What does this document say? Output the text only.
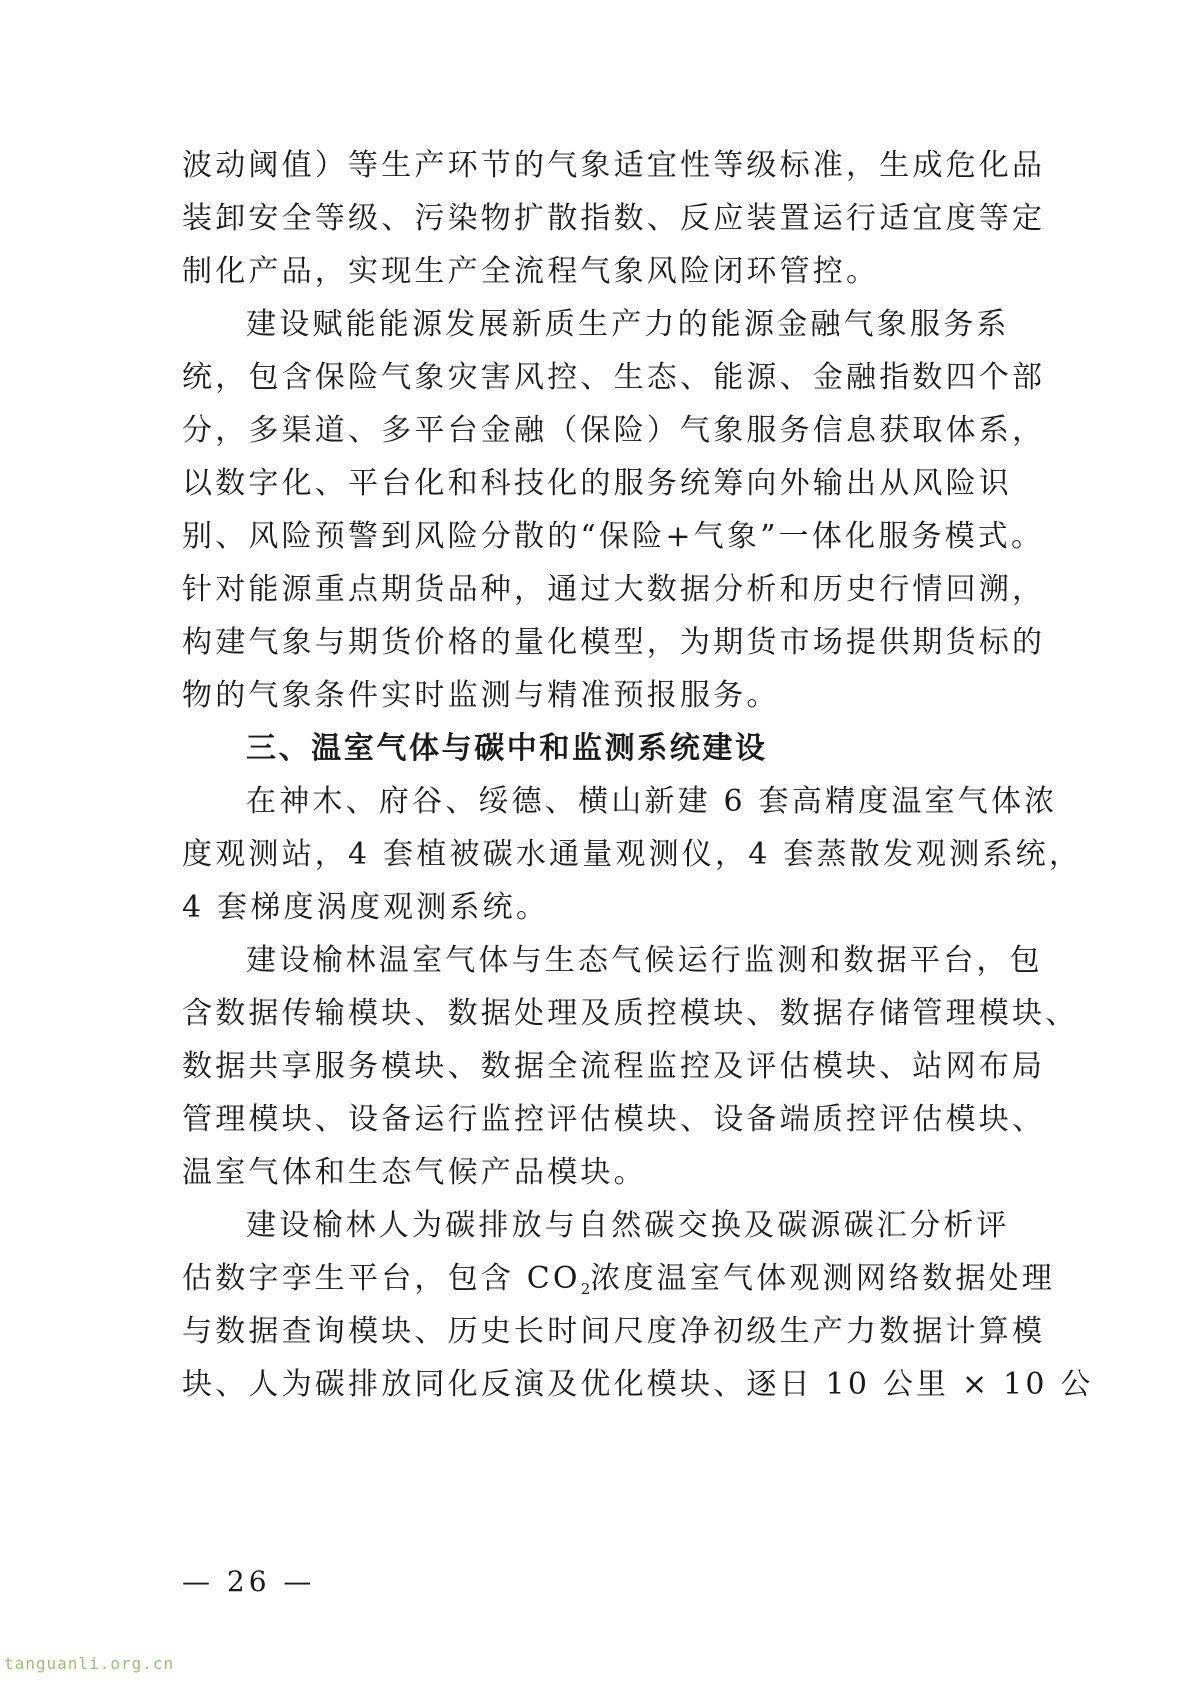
波动阈值）等生产环节的气象适宜性等级标准，生成危化品
装卸安全等级、污染物扩散指数、反应装置运行适宜度等定
制化产品，实现生产全流程气象风险闭环管控。
建设赋能能源发展新质生产力的能源金融气象服务系
统，包含保险气象灾害风控、生态、能源、金融指数四个部
分，多渠道、多平台金融（保险）气象服务信息获取体系，
以数字化、平台化和科技化的服务统筹向外输出从风险识
别、风险预警到风险分散的“保险+气象”一体化服务模式。
针对能源重点期货品种，通过大数据分析和历史行情回溯，
构建气象与期货价格的量化模型，为期货市场提供期货标的
物的气象条件实时监测与精准预报服务。
三、温室气体与碳中和监测系统建设
在神木、府谷、绥德、横山新建 6 套高精度温室气体浓
度观测站，4 套植被碳水通量观测仪，4 套蒸散发观测系统，
4 套梯度涡度观测系统。
建设榆林温室气体与生态气候运行监测和数据平台，包
含数据传输模块、数据处理及质控模块、数据存储管理模块、
数据共享服务模块、数据全流程监控及评估模块、站网布局
管理模块、设备运行监控评估模块、设备端质控评估模块、
温室气体和生态气候产品模块。
建设榆林人为碳排放与自然碳交换及碳源碳汇分析评
估数字孪生平台，包含 $CO_2$浓度温室气体观测网络数据处理
与数据查询模块、历史长时间尺度净初级生产力数据计算模
块、人为碳排放同化反演及优化模块、逐日 10 公里 × 10 公
— 26 —
tanguanli.org.cn
